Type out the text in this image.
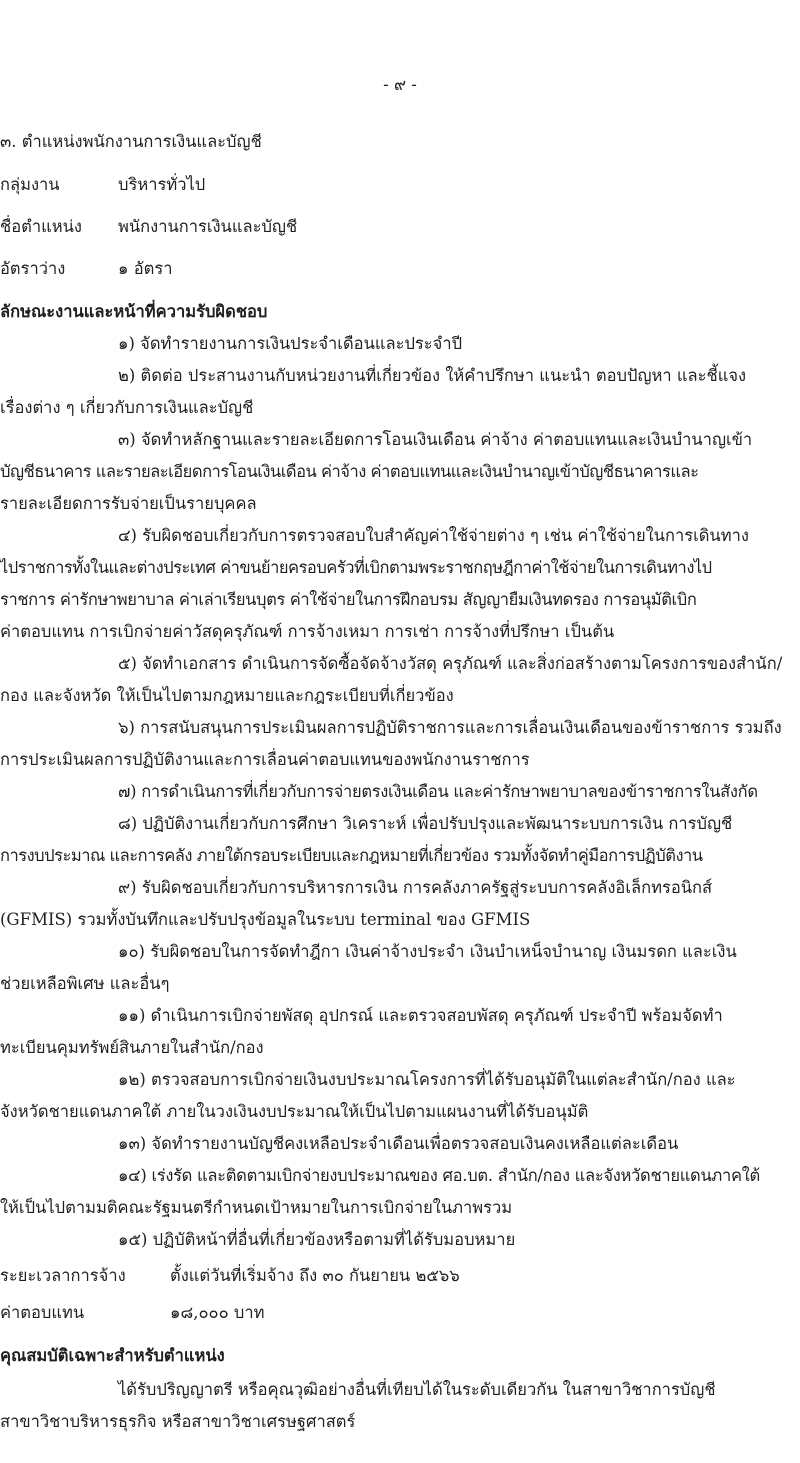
- ๙ -
๓. ตำแหน่งพนักงานการเงินและบัญชี
กลุ่มงาน	บริหารทั่วไป
ชื่อตำแหน่ง พนักงานการเงินและบัญชี
อัตราว่าง	๑ อัตรา
ลักษณะงานและหน้าที่ความรับผิดชอบ
๑) จัดทำรายงานการเงินประจำเดือนและประจำปี
๒) ติดต่อ ประสานงานกับหน่วยงานที่เกี่ยวข้อง ให้คำปรึกษา แนะนำ ตอบปัญหา และชี้แจง
เรื่องต่าง ๆ เกี่ยวกับการเงินและบัญชี
๓) จัดทำหลักฐานและรายละเอียดการโอนเงินเดือน ค่าจ้าง ค่าตอบแทนและเงินบำนาญเข้า
บัญชีธนาคาร และรายละเอียดการโอนเงินเดือน ค่าจ้าง ค่าตอบแทนและเงินบำนาญเข้าบัญชีธนาคารและ
รายละเอียดการรับจ่ายเป็นรายบุคคล
๔) รับผิดชอบเกี่ยวกับการตรวจสอบใบสำคัญค่าใช้จ่ายต่าง ๆ เช่น ค่าใช้จ่ายในการเดินทาง
ไปราชการทั้งในและต่างประเทศ ค่าขนย้ายครอบครัวที่เบิกตามพระราชกฤษฎีกาค่าใช้จ่ายในการเดินทางไป
ราชการ ค่ารักษาพยาบาล ค่าเล่าเรียนบุตร ค่าใช้จ่ายในการฝึกอบรม สัญญายืมเงินทดรอง การอนุมัติเบิก
ค่าตอบแทน การเบิกจ่ายค่าวัสดุครุภัณฑ์ การจ้างเหมา การเช่า การจ้างที่ปรึกษา เป็นต้น
๕) จัดทำเอกสาร ดำเนินการจัดซื้อจัดจ้างวัสดุ ครุภัณฑ์ และสิ่งก่อสร้างตามโครงการของสำนัก/
กอง และจังหวัด ให้เป็นไปตามกฎหมายและกฎระเบียบที่เกี่ยวข้อง
๖) การสนับสนุนการประเมินผลการปฏิบัติราชการและการเลื่อนเงินเดือนของข้าราชการ รวมถึง
การประเมินผลการปฏิบัติงานและการเลื่อนค่าตอบแทนของพนักงานราชการ
๗) การดำเนินการที่เกี่ยวกับการจ่ายตรงเงินเดือน และค่ารักษาพยาบาลของข้าราชการในสังกัด
๘) ปฏิบัติงานเกี่ยวกับการศึกษา วิเคราะห์ เพื่อปรับปรุงและพัฒนาระบบการเงิน การบัญชี
การงบประมาณ และการคลัง ภายใต้กรอบระเบียบและกฎหมายที่เกี่ยวข้อง รวมทั้งจัดทำคู่มือการปฏิบัติงาน
๙) รับผิดชอบเกี่ยวกับการบริหารการเงิน การคลังภาครัฐสู่ระบบการคลังอิเล็กทรอนิกส์
(GFMIS) รวมทั้งบันทึกและปรับปรุงข้อมูลในระบบ terminal ของ GFMIS
๑๐) รับผิดชอบในการจัดทำฎีกา เงินค่าจ้างประจำ เงินบำเหน็จบำนาญ เงินมรดก และเงิน
ช่วยเหลือพิเศษ และอื่นๆ
๑๑) ดำเนินการเบิกจ่ายพัสดุ อุปกรณ์ และตรวจสอบพัสดุ ครุภัณฑ์ ประจำปี พร้อมจัดทำ
ทะเบียนคุมทรัพย์สินภายในสำนัก/กอง
๑๒) ตรวจสอบการเบิกจ่ายเงินงบประมาณโครงการที่ได้รับอนุมัติในแต่ละสำนัก/กอง และ
จังหวัดชายแดนภาคใต้ ภายในวงเงินงบประมาณให้เป็นไปตามแผนงานที่ได้รับอนุมัติ
๑๓) จัดทำรายงานบัญชีคงเหลือประจำเดือนเพื่อตรวจสอบเงินคงเหลือแต่ละเดือน
๑๔) เร่งรัด และติดตามเบิกจ่ายงบประมาณของ ศอ.บต. สำนัก/กอง และจังหวัดชายแดนภาคใต้
ให้เป็นไปตามมติคณะรัฐมนตรีกำหนดเป้าหมายในการเบิกจ่ายในภาพรวม
๑๕) ปฏิบัติหน้าที่อื่นที่เกี่ยวข้องหรือตามที่ได้รับมอบหมาย
ระยะเวลาการจ้าง	ตั้งแต่วันที่เริ่มจ้าง ถึง ๓๐ กันยายน ๒๕๖๖
ค่าตอบแทน	๑๘,๐๐๐ บาท
คุณสมบัติเฉพาะสำหรับตำแหน่ง
ได้รับปริญญาตรี หรือคุณวุฒิอย่างอื่นที่เทียบได้ในระดับเดียวกัน ในสาขาวิชาการบัญชี
สาขาวิชาบริหารธุรกิจ หรือสาขาวิชาเศรษฐศาสตร์
